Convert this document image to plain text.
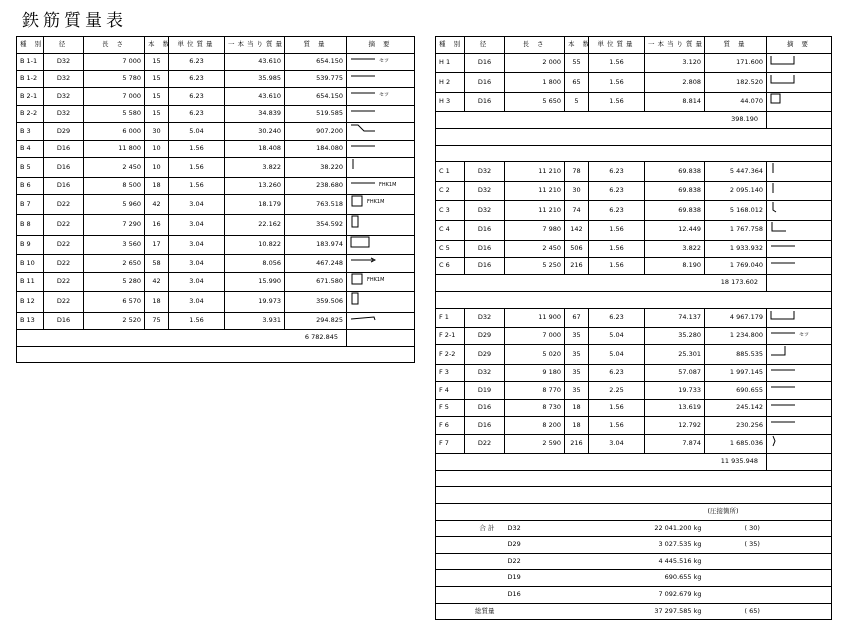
鉄筋質量表
種 別	径	長 さ	本 数	単位質量	一本当り質量	質 量	摘 要
B 1-1	D32	7 000	15	6.23	43.610	654.150	$^{セツ}$
B 1-2	D32	5 780	15	6.23	35.985	539.775	
B 2-1	D32	7 000	15	6.23	43.610	654.150	$^{セツ}$
B 2-2	D32	5 580	15	6.23	34.839	519.585	
B 3	D29	6 000	30	5.04	30.240	907.200	
B 4	D16	11 800	10	1.56	18.408	184.080	
B 5	D16	2 450	10	1.56	3.822	38.220	
B 6	D16	8 500	18	1.56	13.260	238.680	$^{FHK1M}$
B 7	D22	5 960	42	3.04	18.179	763.518	$^{FHK1M}$
B 8	D22	7 290	16	3.04	22.162	354.592	
B 9	D22	3 560	17	3.04	10.822	183.974	
B 10	D22	2 650	58	3.04	8.056	467.248	
B 11	D22	5 280	42	3.04	15.990	671.580	$^{FHK1M}$
B 12	D22	6 570	18	3.04	19.973	359.506	
B 13	D16	2 520	75	1.56	3.931	294.825	
6 782.845							

種 別	径	長 さ	本 数	単位質量	一本当り質量	質 量	摘 要
H 1	D16	2 000	55	1.56	3.120	171.600	
H 2	D16	1 800	65	1.56	2.808	182.520	
H 3	D16	5 650	5	1.56	8.814	44.070	
398.190							

C 1	D32	11 210	78	6.23	69.838	5 447.364	
C 2	D32	11 210	30	6.23	69.838	2 095.140	
C 3	D32	11 210	74	6.23	69.838	5 168.012	
C 4	D16	7 980	142	1.56	12.449	1 767.758	
C 5	D16	2 450	506	1.56	3.822	1 933.932	
C 6	D16	5 250	216	1.56	8.190	1 769.040	
18 173.602							

F 1	D32	11 900	67	6.23	74.137	4 967.179	
F 2-1	D29	7 000	35	5.04	35.280	1 234.800	$^{セツ}$
F 2-2	D29	5 020	35	5.04	25.301	885.535	
F 3	D32	9 180	35	6.23	57.087	1 997.145	
F 4	D19	8 770	35	2.25	19.733	690.655	
F 5	D16	8 730	18	1.56	13.619	245.142	
F 6	D16	8 200	18	1.56	12.792	230.256	
F 7	D22	2 590	216	3.04	7.874	1 685.036	
11 935.948							

						(圧接箇所)	
合 計		D32	22 041.200 kg			( 30)	
		D29	3 027.535 kg			( 35)	
		D22	4 445.516 kg				
		D19	690.655 kg				
		D16	7 092.679 kg				
総質量			37 297.585 kg			( 65)	
